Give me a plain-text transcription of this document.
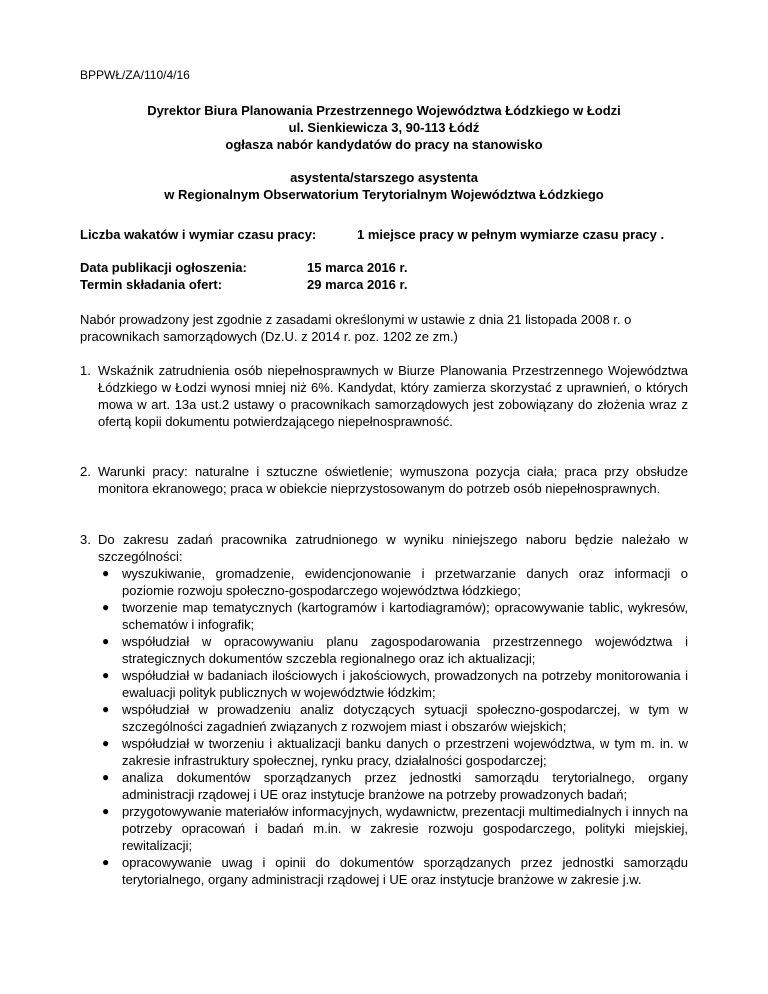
BPPWŁ/ZA/110/4/16
Dyrektor Biura Planowania Przestrzennego Województwa Łódzkiego w Łodzi
ul. Sienkiewicza 3, 90-113 Łódź
ogłasza nabór kandydatów do pracy na stanowisko
asystenta/starszego asystenta
w Regionalnym Obserwatorium Terytorialnym Województwa Łódzkiego
Liczba wakatów i wymiar czasu pracy:	1 miejsce pracy w pełnym wymiarze czasu pracy .
Data publikacji ogłoszenia:	15 marca 2016 r.
Termin składania ofert:	29 marca 2016 r.
Nabór prowadzony jest zgodnie z zasadami określonymi w ustawie z dnia 21 listopada 2008 r. o pracownikach samorządowych (Dz.U. z 2014 r. poz. 1202 ze zm.)
1. Wskaźnik zatrudnienia osób niepełnosprawnych w Biurze Planowania Przestrzennego Województwa Łódzkiego w Łodzi wynosi mniej niż 6%. Kandydat, który zamierza skorzystać z uprawnień, o których mowa w art. 13a ust.2 ustawy o pracownikach samorządowych jest zobowiązany do złożenia wraz z ofertą kopii dokumentu potwierdzającego niepełnosprawność.
2. Warunki pracy: naturalne i sztuczne oświetlenie; wymuszona pozycja ciała; praca przy obsłudze monitora ekranowego; praca w obiekcie nieprzystosowanym do potrzeb osób niepełnosprawnych.
3. Do zakresu zadań pracownika zatrudnionego w wyniku niniejszego naboru będzie należało w szczególności:
● wyszukiwanie, gromadzenie, ewidencjonowanie i przetwarzanie danych oraz informacji o poziomie rozwoju społeczno-gospodarczego województwa łódzkiego;
● tworzenie map tematycznych (kartogramów i kartodiagramów); opracowywanie tablic, wykresów, schematów i infografik;
● współudział w opracowywaniu planu zagospodarowania przestrzennego województwa i strategicznych dokumentów szczebla regionalnego oraz ich aktualizacji;
● współudział w badaniach ilościowych i jakościowych, prowadzonych na potrzeby monitorowania i ewaluacji polityk publicznych w województwie łódzkim;
● współudział w prowadzeniu analiz dotyczących sytuacji społeczno-gospodarczej, w tym w szczególności zagadnień związanych z rozwojem miast i obszarów wiejskich;
● współudział w tworzeniu i aktualizacji banku danych o przestrzeni województwa, w tym m. in. w zakresie infrastruktury społecznej, rynku pracy, działalności gospodarczej;
● analiza dokumentów sporządzanych przez jednostki samorządu terytorialnego, organy administracji rządowej i UE oraz instytucje branżowe na potrzeby prowadzonych badań;
● przygotowywanie materiałów informacyjnych, wydawnictw, prezentacji multimedialnych i innych na potrzeby opracowań i badań m.in. w zakresie rozwoju gospodarczego, polityki miejskiej, rewitalizacji;
● opracowywanie uwag i opinii do dokumentów sporządzanych przez jednostki samorządu terytorialnego, organy administracji rządowej i UE oraz instytucje branżowe w zakresie j.w.
